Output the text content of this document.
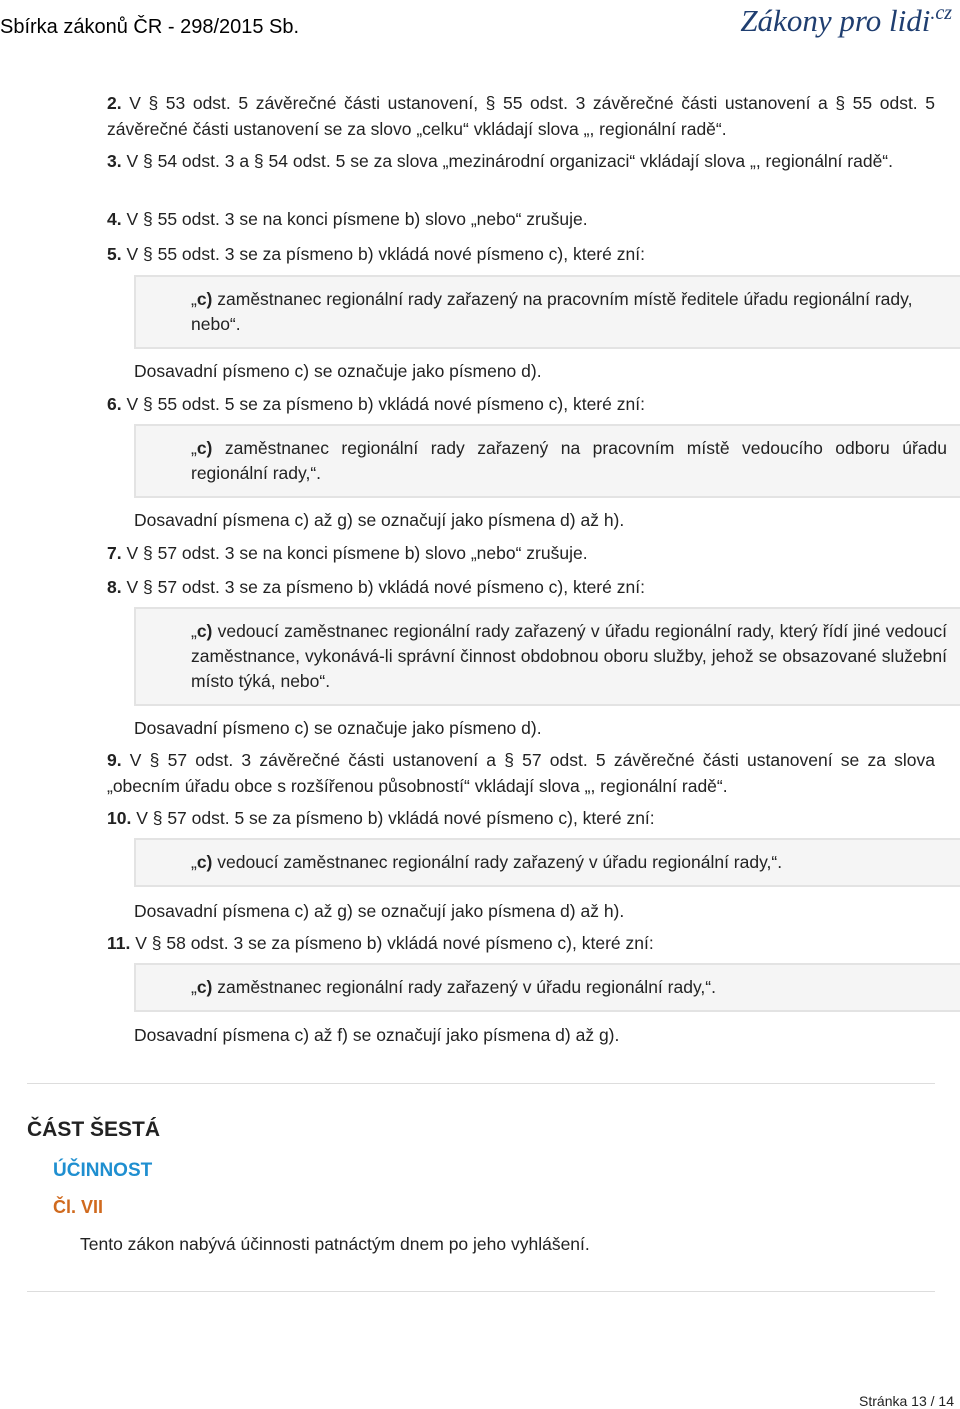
Sbírka zákonů ČR - 298/2015 Sb.	Zákony pro lidi$^{.cz}$
2. V § 53 odst. 5 závěrečné části ustanovení, § 55 odst. 3 závěrečné části ustanovení a § 55 odst. 5 závěrečné části ustanovení se za slovo „celku“ vkládají slova „, regionální radě“.
3. V § 54 odst. 3 a § 54 odst. 5 se za slova „mezinárodní organizaci“ vkládají slova „, regionální radě“.
4. V § 55 odst. 3 se na konci písmene b) slovo „nebo“ zrušuje.
5. V § 55 odst. 3 se za písmeno b) vkládá nové písmeno c), které zní:
„c) zaměstnanec regionální rady zařazený na pracovním místě ředitele úřadu regionální rady, nebo“.
Dosavadní písmeno c) se označuje jako písmeno d).
6. V § 55 odst. 5 se za písmeno b) vkládá nové písmeno c), které zní:
„c) zaměstnanec regionální rady zařazený na pracovním místě vedoucího odboru úřadu regionální rady,“.
Dosavadní písmena c) až g) se označují jako písmena d) až h).
7. V § 57 odst. 3 se na konci písmene b) slovo „nebo“ zrušuje.
8. V § 57 odst. 3 se za písmeno b) vkládá nové písmeno c), které zní:
„c) vedoucí zaměstnanec regionální rady zařazený v úřadu regionální rady, který řídí jiné vedoucí zaměstnance, vykonává-li správní činnost obdobnou oboru služby, jehož se obsazované služební místo týká, nebo“.
Dosavadní písmeno c) se označuje jako písmeno d).
9. V § 57 odst. 3 závěrečné části ustanovení a § 57 odst. 5 závěrečné části ustanovení se za slova „obecním úřadu obce s rozšířenou působností“ vkládají slova „, regionální radě“.
10. V § 57 odst. 5 se za písmeno b) vkládá nové písmeno c), které zní:
„c) vedoucí zaměstnanec regionální rady zařazený v úřadu regionální rady,“.
Dosavadní písmena c) až g) se označují jako písmena d) až h).
11. V § 58 odst. 3 se za písmeno b) vkládá nové písmeno c), které zní:
„c) zaměstnanec regionální rady zařazený v úřadu regionální rady,“.
Dosavadní písmena c) až f) se označují jako písmena d) až g).
ČÁST ŠESTÁ
ÚČINNOST
Čl. VII
Tento zákon nabývá účinnosti patnáctým dnem po jeho vyhlášení.
Stránka 13 / 14
